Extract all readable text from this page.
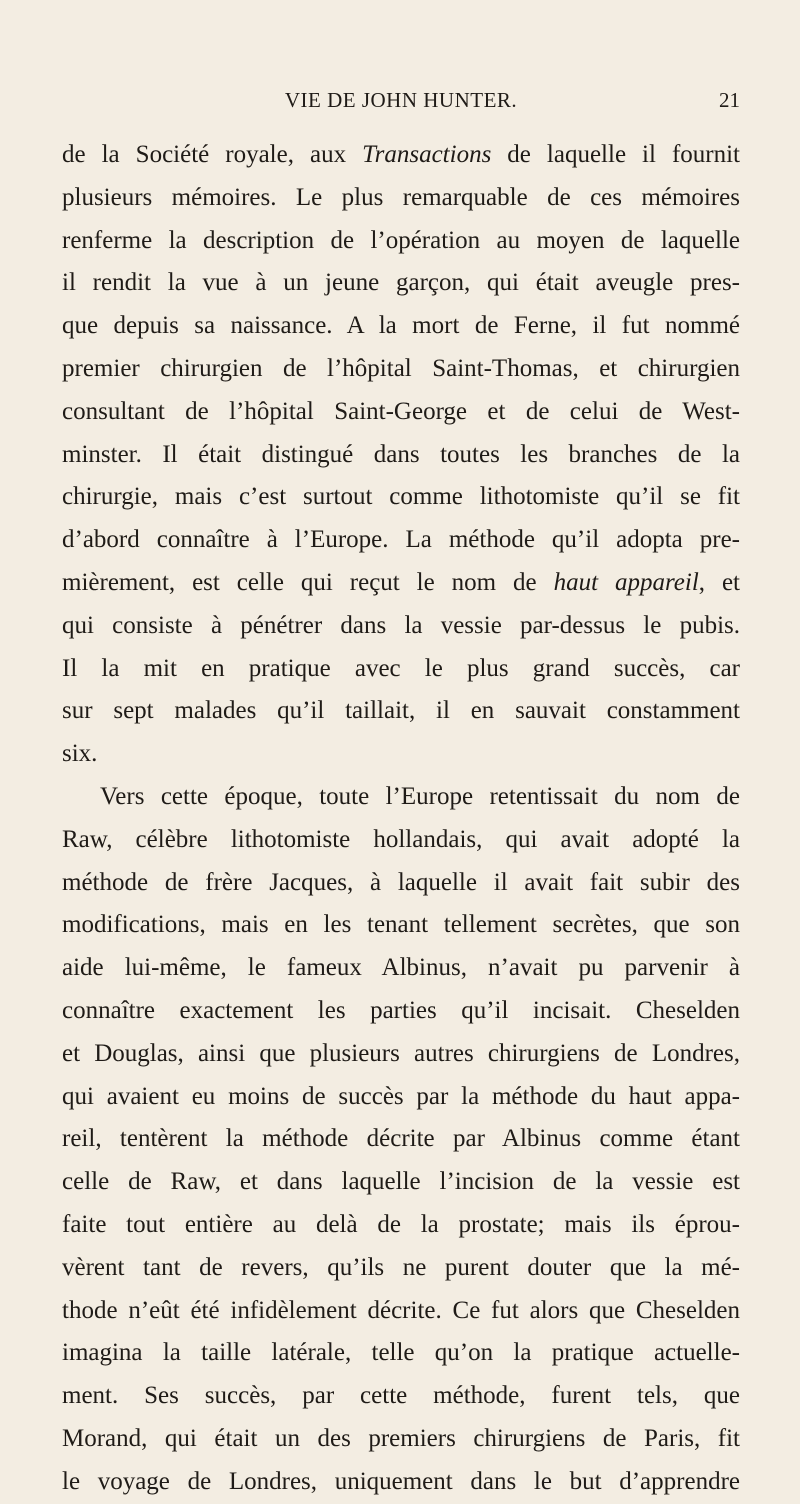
VIE DE JOHN HUNTER.	21
de la Société royale, aux Transactions de laquelle il fournit
plusieurs mémoires. Le plus remarquable de ces mémoires
renferme la description de l’opération au moyen de laquelle
il rendit la vue à un jeune garçon, qui était aveugle pres-
que depuis sa naissance. A la mort de Ferne, il fut nommé
premier chirurgien de l’hôpital Saint-Thomas, et chirurgien
consultant de l’hôpital Saint-George et de celui de West-
minster. Il était distingué dans toutes les branches de la
chirurgie, mais c’est surtout comme lithotomiste qu’il se fit
d’abord connaître à l’Europe. La méthode qu’il adopta pre-
mièrement, est celle qui reçut le nom de haut appareil, et
qui consiste à pénétrer dans la vessie par-dessus le pubis.
Il la mit en pratique avec le plus grand succès, car
sur sept malades qu’il taillait, il en sauvait constamment
six.
Vers cette époque, toute l’Europe retentissait du nom de
Raw, célèbre lithotomiste hollandais, qui avait adopté la
méthode de frère Jacques, à laquelle il avait fait subir des
modifications, mais en les tenant tellement secrètes, que son
aide lui-même, le fameux Albinus, n’avait pu parvenir à
connaître exactement les parties qu’il incisait. Cheselden
et Douglas, ainsi que plusieurs autres chirurgiens de Londres,
qui avaient eu moins de succès par la méthode du haut appa-
reil, tentèrent la méthode décrite par Albinus comme étant
celle de Raw, et dans laquelle l’incision de la vessie est
faite tout entière au delà de la prostate; mais ils éprou-
vèrent tant de revers, qu’ils ne purent douter que la mé-
thode n’eût été infidèlement décrite. Ce fut alors que Cheselden
imagina la taille latérale, telle qu’on la pratique actuelle-
ment. Ses succès, par cette méthode, furent tels, que
Morand, qui était un des premiers chirurgiens de Paris, fit
le voyage de Londres, uniquement dans le but d’apprendre
